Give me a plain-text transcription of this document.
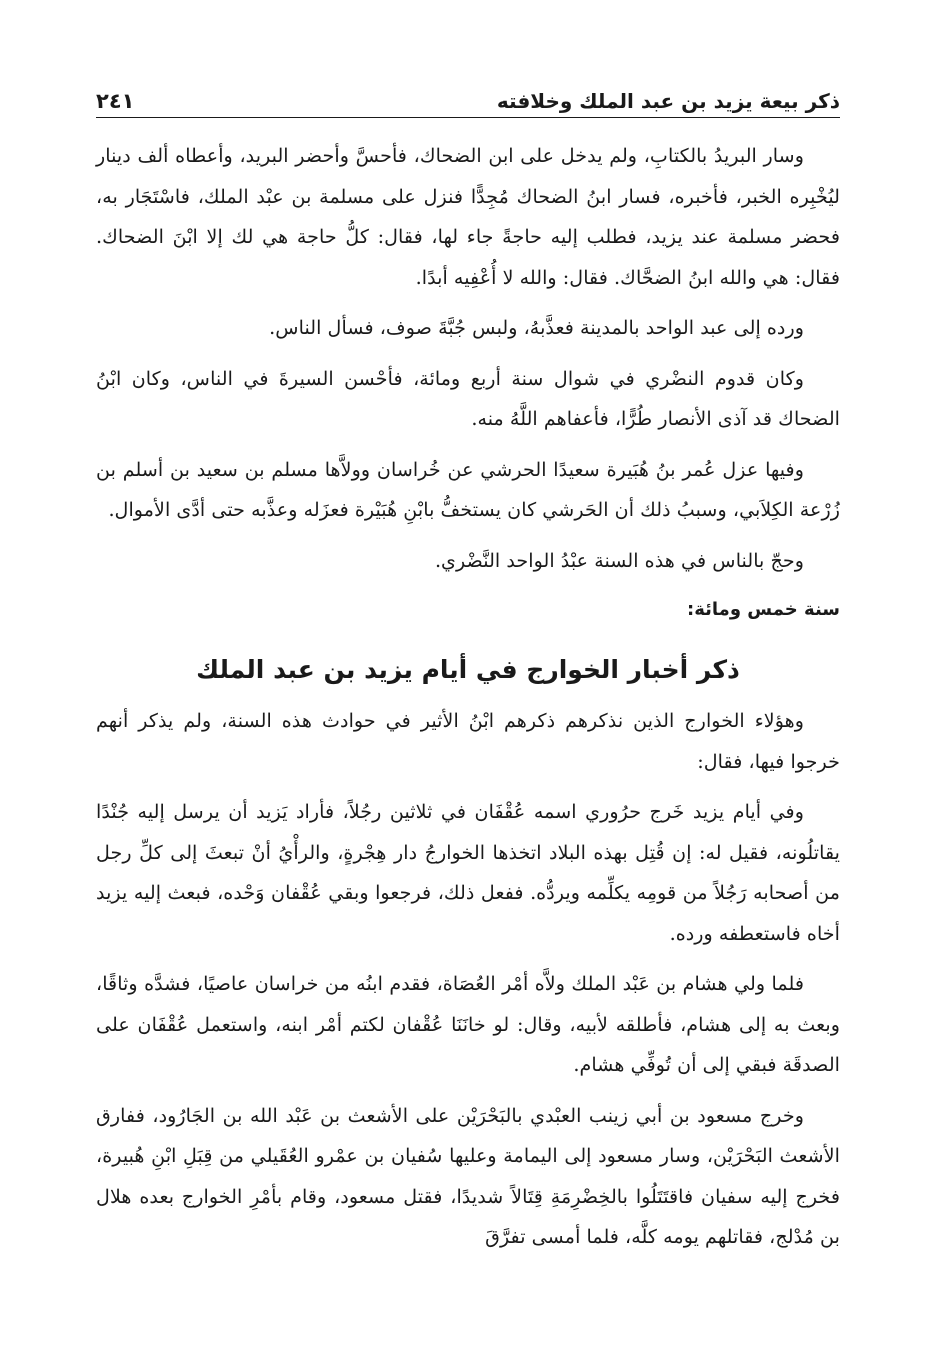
ذكر بيعة يزيد بن عبد الملك وخلافته
٢٤١

وسار البريدُ بالكتابِ، ولم يدخل على ابن الضحاك، فأحسَّ وأحضر البريد، وأعطاه ألف دينار ليُخْبِره الخبر، فأخبره، فسار ابنُ الضحاك مُجِدًّا فنزل على مسلمة بن عبْد الملك، فاسْتَجَار به، فحضر مسلمة عند يزيد، فطلب إليه حاجةً جاء لها، فقال: كلُّ حاجة هي لك إلا ابْنَ الضحاك. فقال: هي والله ابنُ الضحَّاك. فقال: والله لا أُعْفِيه أبدًا.

ورده إلى عبد الواحد بالمدينة فعذَّبهُ، ولبس جُبَّةَ صوف، فسأل الناس.

وكان قدوم النضْري في شوال سنة أربع ومائة، فأحْسن السيرةَ في الناس، وكان ابْنُ الضحاك قد آذى الأنصار طُرًّا، فأعفاهم اللَّهُ منه.

وفيها عزل عُمر بنُ هُبَيرة سعيدًا الحرشي عن خُراسان وولاَّها مسلم بن سعيد بن أسلم بن زُرْعة الكِلاَبي، وسببُ ذلك أن الحَرشي كان يستخفُّ بابْنِ هُبَيْرة فعزَله وعذَّبه حتى أدَّى الأموال.

وحجّ بالناس في هذه السنة عبْدُ الواحد النَّضْري.

سنة خمس ومائة:
ذكر أخبار الخوارج في أيام يزيد بن عبد الملك

وهؤلاء الخوارج الذين نذكرهم ذكرهم ابْنُ الأثير في حوادث هذه السنة، ولم يذكر أنهم خرجوا فيها، فقال:

وفي أيام يزيد خَرج حرُوري اسمه عُقْفَان في ثلاثين رجُلاً، فأراد يَزيد أن يرسل إليه جُنْدًا يقاتلُونه، فقيل له: إن قُتِل بهذه البلاد اتخذها الخوارجُ دار هِجْرةٍ، والرأْيُ أنْ تبعثَ إلى كلِّ رجل من أصحابه رَجُلاً من قومِه يكلِّمه ويردُّه. ففعل ذلك، فرجعوا وبقي عُقْفان وَحْده، فبعث إليه يزيد أخاه فاستعطفه ورده.

فلما ولي هشام بن عَبْد الملك ولاَّه أمْر العُصَاة، فقدم ابنُه من خراسان عاصيًا، فشدَّه وثاقًا، وبعث به إلى هشام، فأطلقه لأبيه، وقال: لو خانَنَا عُقْفان لكتم أمْر ابنه، واستعمل عُقْفَان على الصدقَة فبقي إلى أن تُوفِّي هشام.

وخرج مسعود بن أبي زينب العبْدي بالبَحْرَيْن على الأشعث بن عَبْد الله بن الجَارُود، ففارق الأشعث البَحْرَيْن، وسار مسعود إلى اليمامة وعليها سُفيان بن عمْرو العُقَيلي من قِبَلِ ابْنِ هُبيرة، فخرج إليه سفيان فاقتَتَلُوا بالخِضْرِمَةِ قِتَالاً شديدًا، فقتل مسعود، وقام بأمْرِ الخوارج بعده هلال بن مُدْلج، فقاتلهم يومه كلَّه، فلما أمسى تفرَّقَ
